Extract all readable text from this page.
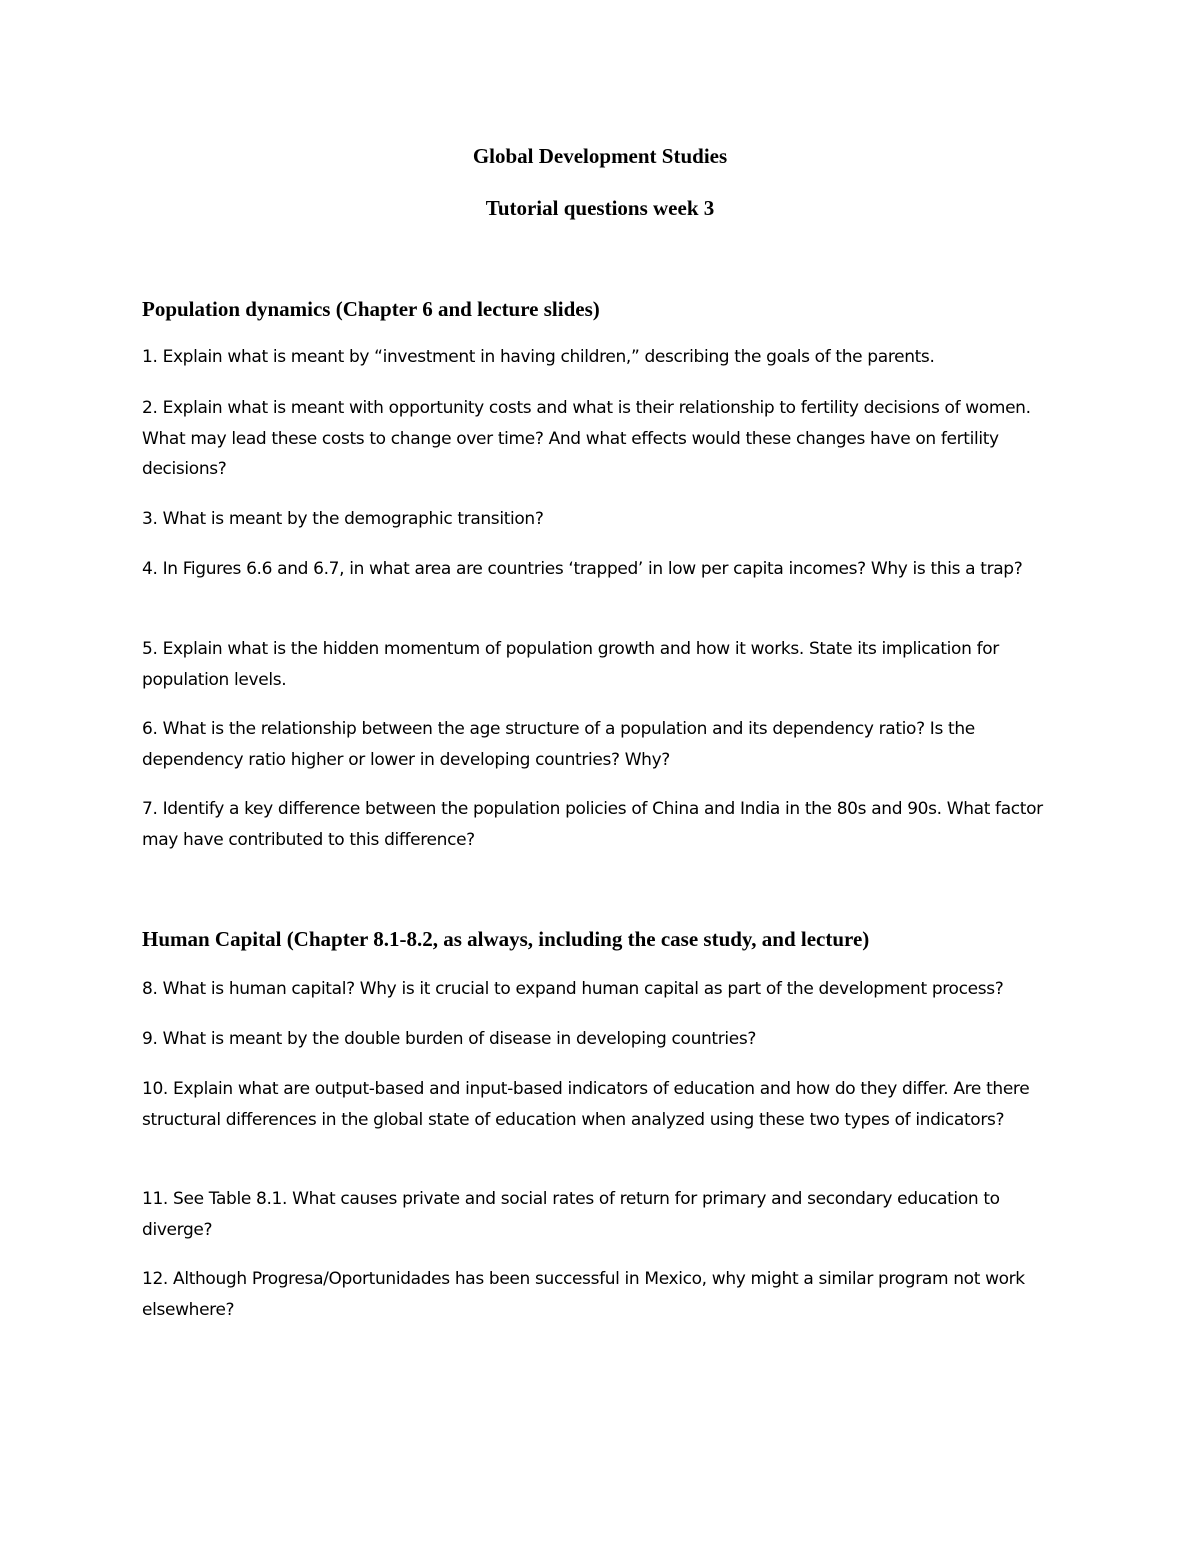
Global Development Studies
Tutorial questions week 3
Population dynamics (Chapter 6 and lecture slides)

1. Explain what is meant by “investment in having children,” describing the goals of the parents.

2. Explain what is meant with opportunity costs and what is their relationship to fertility decisions of women. What may lead these costs to change over time? And what effects would these changes have on fertility decisions?

3. What is meant by the demographic transition?

4. In Figures 6.6 and 6.7, in what area are countries ‘trapped’ in low per capita incomes? Why is this a trap?

5. Explain what is the hidden momentum of population growth and how it works. State its implication for population levels.

6. What is the relationship between the age structure of a population and its dependency ratio? Is the dependency ratio higher or lower in developing countries? Why?

7. Identify a key difference between the population policies of China and India in the 80s and 90s. What factor may have contributed to this difference?

Human Capital (Chapter 8.1-8.2, as always, including the case study, and lecture)

8. What is human capital? Why is it crucial to expand human capital as part of the development process?

9. What is meant by the double burden of disease in developing countries?

10. Explain what are output-based and input-based indicators of education and how do they differ. Are there structural differences in the global state of education when analyzed using these two types of indicators?

11. See Table 8.1. What causes private and social rates of return for primary and secondary education to diverge?

12. Although Progresa/Oportunidades has been successful in Mexico, why might a similar program not work elsewhere?
